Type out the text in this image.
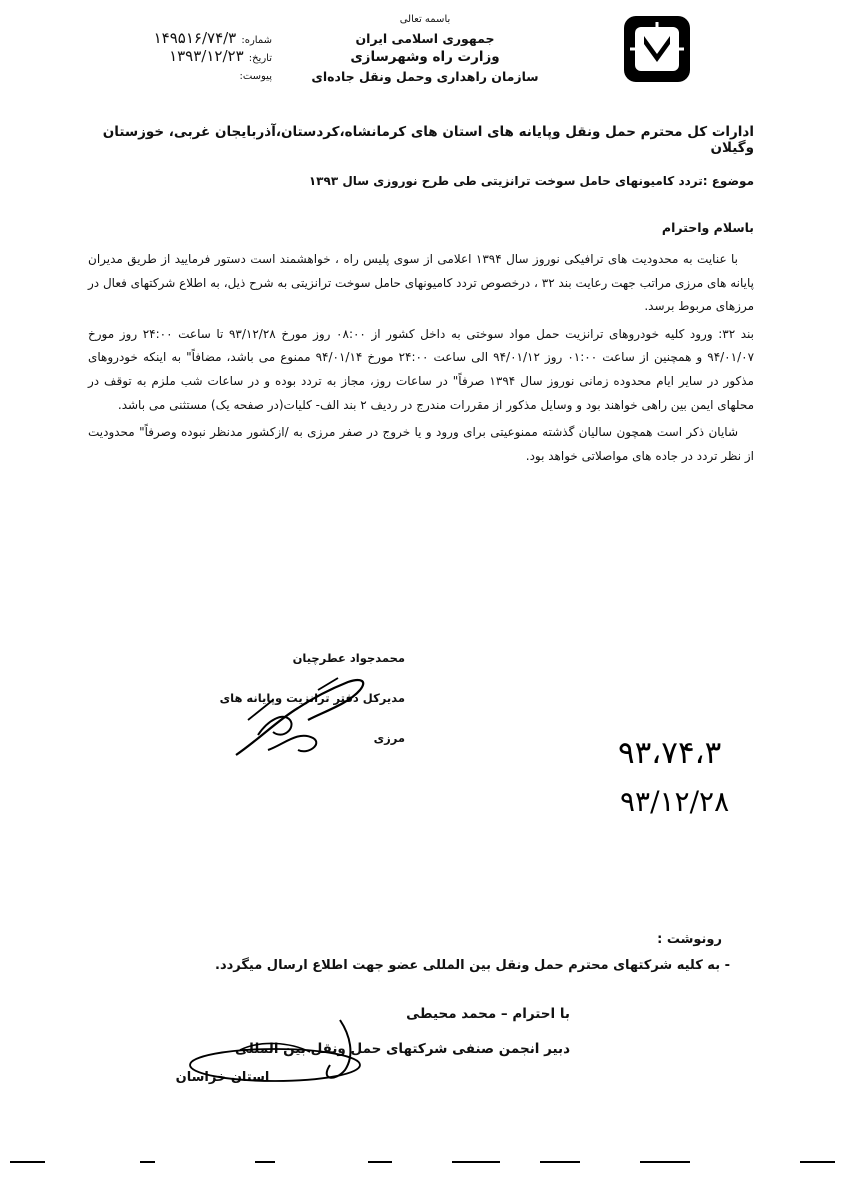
باسمه تعالی
جمهوری اسلامی ایران
وزارت راه وشهرسازی
سازمان راهداری وحمل ونقل جاده‌ای
شماره: ۱۴۹۵۱۶/۷۴/۳
تاریخ: ۱۳۹۳/۱۲/۲۳
پیوست:
ادارات کل محترم حمل ونقل وپایانه های استان های کرمانشاه،کردستان،آذربایجان غربی، خوزستان وگیلان
موضوع :تردد کامیونهای حامل سوخت ترانزیتی طی طرح نوروزی سال ۱۳۹۳
باسلام واحترام

با عنایت به محدودیت های ترافیکی نوروز سال ۱۳۹۴ اعلامی از سوی پلیس راه ، خواهشمند است دستور فرمایید از طریق مدیران پایانه های مرزی مراتب جهت رعایت بند ۳۲ ، درخصوص تردد کامیونهای حامل سوخت ترانزیتی به شرح ذیل، به اطلاع شرکتهای فعال در مرزهای مربوط برسد.

بند ۳۲: ورود کلیه خودروهای ترانزیت حمل مواد سوختی به داخل کشور از ۰۸:۰۰ روز مورخ ۹۳/۱۲/۲۸ تا ساعت ۲۴:۰۰ روز مورخ ۹۴/۰۱/۰۷ و همچنین از ساعت ۰۱:۰۰ روز ۹۴/۰۱/۱۲ الی ساعت ۲۴:۰۰ مورخ ۹۴/۰۱/۱۴ ممنوع می باشد، مضافاً" به اینکه خودروهای مذکور در سایر ایام محدوده زمانی نوروز سال ۱۳۹۴ صرفاً" در ساعات روز، مجاز به تردد بوده و در ساعات شب ملزم به توقف در محلهای ایمن بین راهی خواهند بود و وسایل مذکور از مقررات مندرج در ردیف ۲ بند الف- کلیات(در صفحه یک) مستثنی می باشد.

شایان ذکر است همچون سالیان گذشته ممنوعیتی برای ورود و یا خروج در صفر مرزی به /ازکشور مدنظر نبوده وصرفاً" محدودیت از نظر تردد در جاده های مواصلاتی خواهد بود.

محمدجواد عطرچیان
مدیرکل دفتر ترانزیت وپایانه های مرزی	۹۳،۷۴،۳
۹۳/۱۲/۲۸
رونوشت :
- به کلیه شرکتهای محترم حمل ونقل بین المللی عضو جهت اطلاع ارسال میگردد.
با احترام – محمد محیطی
دبیر انجمن صنفی شرکتهای حمل ونقل بین المللی
استان خراسان
